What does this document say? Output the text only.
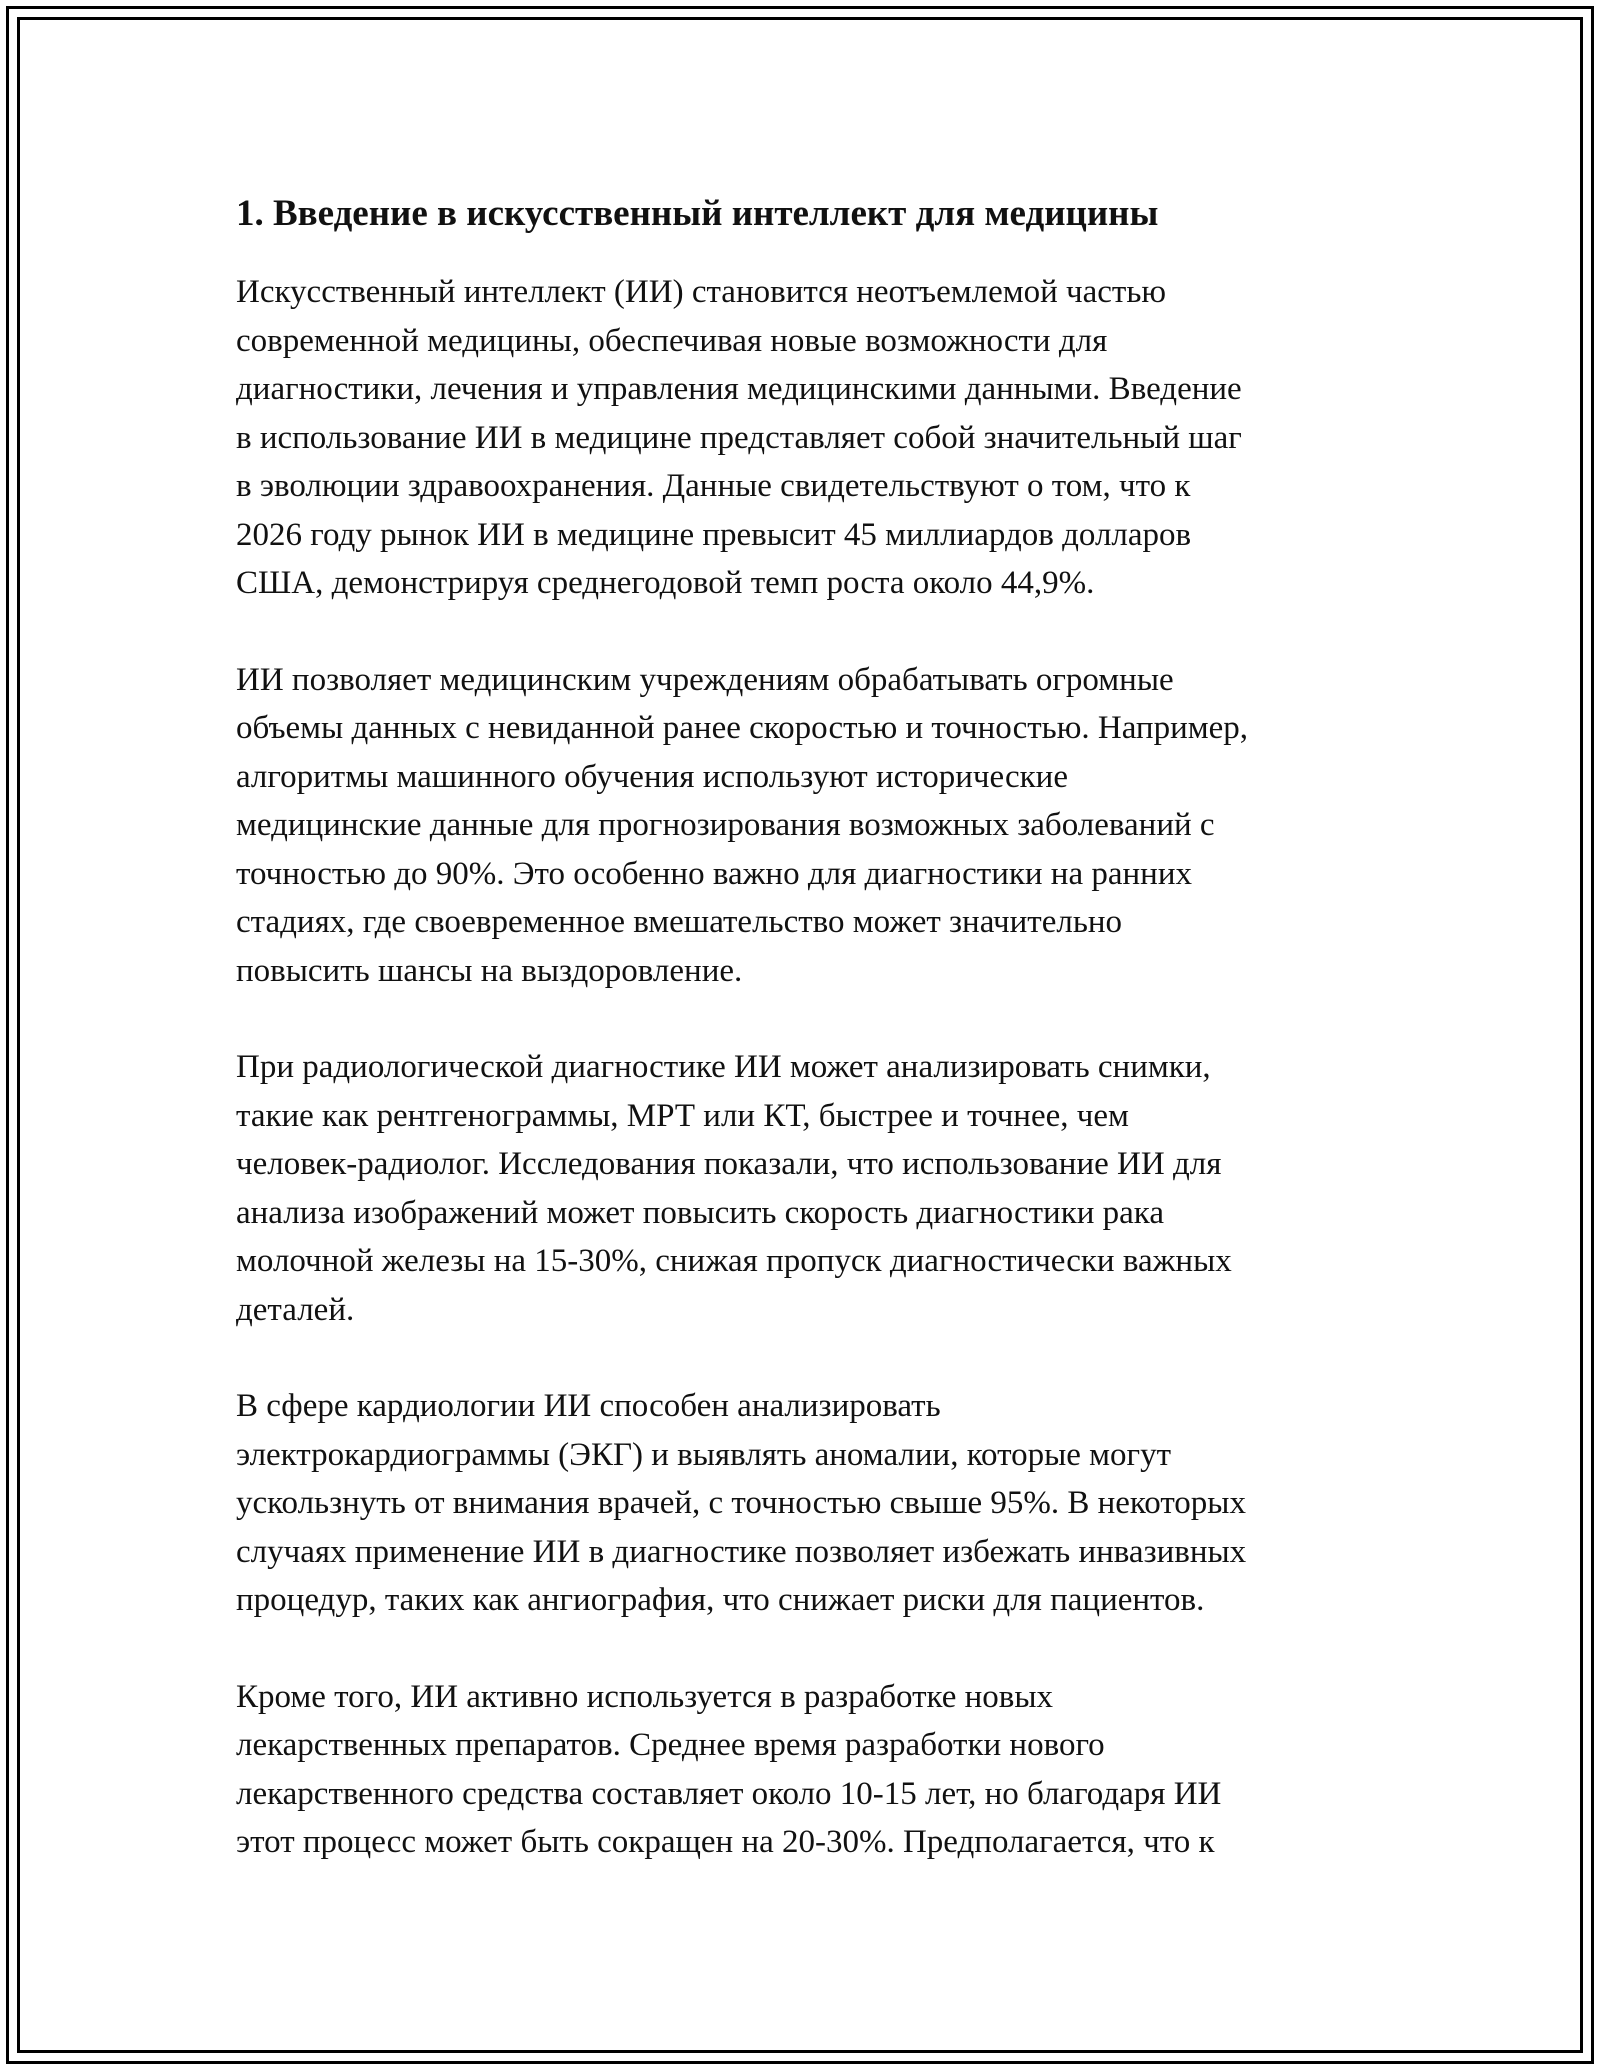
1. Введение в искусственный интеллект для медицины

Искусственный интеллект (ИИ) становится неотъемлемой частью
современной медицины, обеспечивая новые возможности для
диагностики, лечения и управления медицинскими данными. Введение
в использование ИИ в медицине представляет собой значительный шаг
в эволюции здравоохранения. Данные свидетельствуют о том, что к
2026 году рынок ИИ в медицине превысит 45 миллиардов долларов
США, демонстрируя среднегодовой темп роста около 44,9%.

ИИ позволяет медицинским учреждениям обрабатывать огромные
объемы данных с невиданной ранее скоростью и точностью. Например,
алгоритмы машинного обучения используют исторические
медицинские данные для прогнозирования возможных заболеваний с
точностью до 90%. Это особенно важно для диагностики на ранних
стадиях, где своевременное вмешательство может значительно
повысить шансы на выздоровление.

При радиологической диагностике ИИ может анализировать снимки,
такие как рентгенограммы, МРТ или КТ, быстрее и точнее, чем
человек-радиолог. Исследования показали, что использование ИИ для
анализа изображений может повысить скорость диагностики рака
молочной железы на 15-30%, снижая пропуск диагностически важных
деталей.

В сфере кардиологии ИИ способен анализировать
электрокардиограммы (ЭКГ) и выявлять аномалии, которые могут
ускользнуть от внимания врачей, с точностью свыше 95%. В некоторых
случаях применение ИИ в диагностике позволяет избежать инвазивных
процедур, таких как ангиография, что снижает риски для пациентов.

Кроме того, ИИ активно используется в разработке новых
лекарственных препаратов. Среднее время разработки нового
лекарственного средства составляет около 10-15 лет, но благодаря ИИ
этот процесс может быть сокращен на 20-30%. Предполагается, что к
